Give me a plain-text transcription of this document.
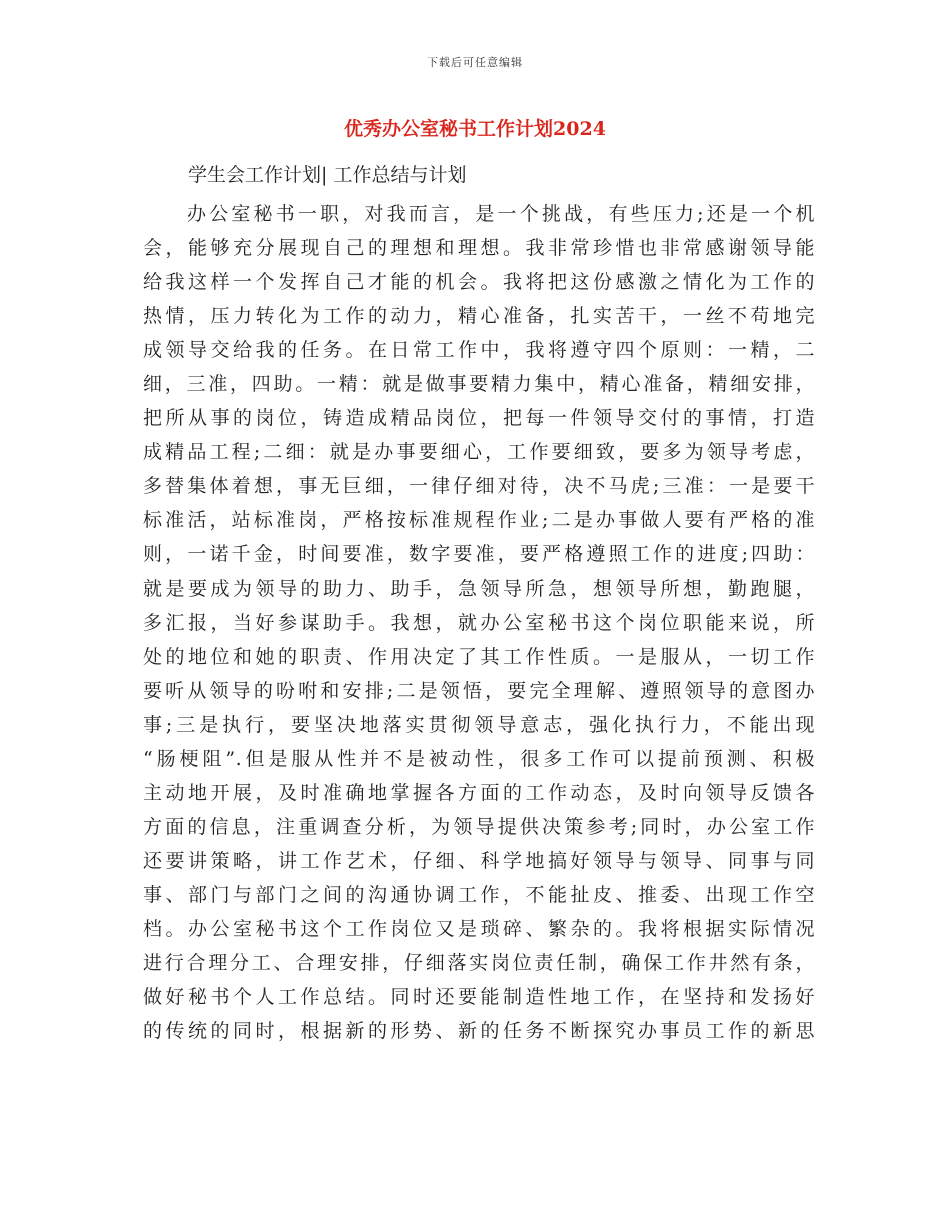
下载后可任意编辑
优秀办公室秘书工作计划2024
学生会工作计划| 工作总结与计划
办公室秘书一职，对我而言，是一个挑战，有些压力;还是一个机
会，能够充分展现自己的理想和理想。我非常珍惜也非常感谢领导能
给我这样一个发挥自己才能的机会。我将把这份感激之情化为工作的
热情，压力转化为工作的动力，精心准备，扎实苦干，一丝不苟地完
成领导交给我的任务。在日常工作中，我将遵守四个原则：一精，二
细，三准，四助。一精：就是做事要精力集中，精心准备，精细安排，
把所从事的岗位，铸造成精品岗位，把每一件领导交付的事情，打造
成精品工程;二细：就是办事要细心，工作要细致，要多为领导考虑，
多替集体着想，事无巨细，一律仔细对待，决不马虎;三准：一是要干
标准活，站标准岗，严格按标准规程作业;二是办事做人要有严格的准
则，一诺千金，时间要准，数字要准，要严格遵照工作的进度;四助：
就是要成为领导的助力、助手，急领导所急，想领导所想，勤跑腿，
多汇报，当好参谋助手。我想，就办公室秘书这个岗位职能来说，所
处的地位和她的职责、作用决定了其工作性质。一是服从，一切工作
要听从领导的吩咐和安排;二是领悟，要完全理解、遵照领导的意图办
事;三是执行，要坚决地落实贯彻领导意志，强化执行力，不能出现
“肠梗阻”.但是服从性并不是被动性，很多工作可以提前预测、积极
主动地开展，及时准确地掌握各方面的工作动态，及时向领导反馈各
方面的信息，注重调查分析，为领导提供决策参考;同时，办公室工作
还要讲策略，讲工作艺术，仔细、科学地搞好领导与领导、同事与同
事、部门与部门之间的沟通协调工作，不能扯皮、推委、出现工作空
档。办公室秘书这个工作岗位又是琐碎、繁杂的。我将根据实际情况
进行合理分工、合理安排，仔细落实岗位责任制，确保工作井然有条，
做好秘书个人工作总结。同时还要能制造性地工作，在坚持和发扬好
的传统的同时，根据新的形势、新的任务不断探究办事员工作的新思
